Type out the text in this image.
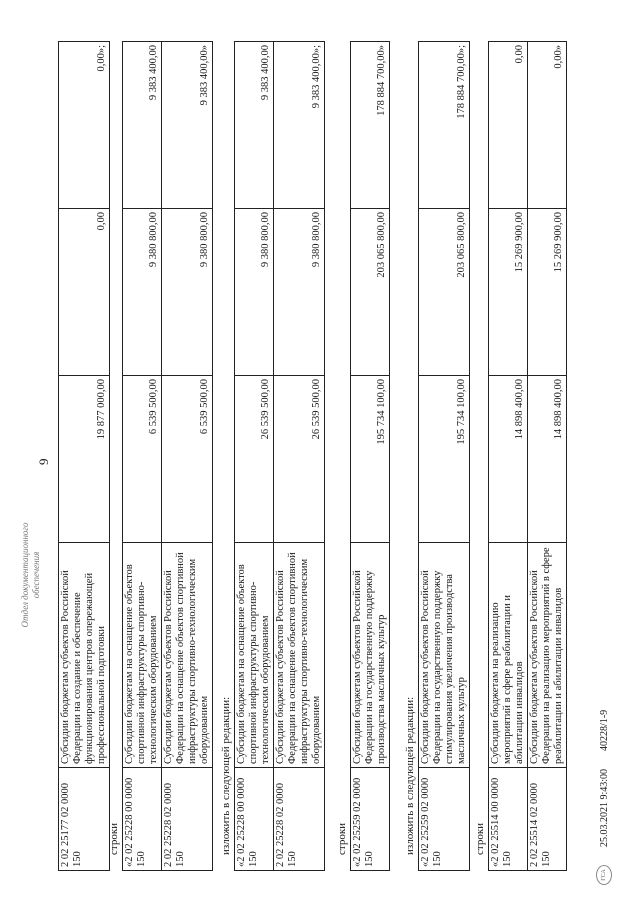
Отдел документационного обеспечения
9
2 02 25177 02 0000 150	Субсидии бюджетам субъектов Российской Федерации на создание и обеспечение функционирования центров опережающей профессиональной подготовки	19 877 000,00	0,00	0,00»;
строки «2 02 25228 00 0000 150	Субсидии бюджетам на оснащение объектов спортивной инфраструктуры спортивно-технологическим оборудованием	6 539 500,00	9 380 800,00	9 383 400,00
2 02 25228 02 0000 150	Субсидии бюджетам субъектов Российской Федерации на оснащение объектов спортивной инфраструктуры спортивно-технологическим оборудованием	6 539 500,00	9 380 800,00	9 383 400,00»
изложить в следующей редакции: «2 02 25228 00 0000 150	Субсидии бюджетам на оснащение объектов спортивной инфраструктуры спортивно-технологическим оборудованием	26 539 500,00	9 380 800,00	9 383 400,00
2 02 25228 02 0000 150	Субсидии бюджетам субъектов Российской Федерации на оснащение объектов спортивной инфраструктуры спортивно-технологическим оборудованием	26 539 500,00	9 380 800,00	9 383 400,00»;
строки «2 02 25259 02 0000 150	Субсидии бюджетам субъектов Российской Федерации на государственную поддержку производства масличных культур	195 734 100,00	203 065 800,00	178 884 700,00»
изложить в следующей редакции: «2 02 25259 02 0000 150	Субсидии бюджетам субъектов Российской Федерации на государственную поддержку стимулирования увеличения производства масличных культур	195 734 100,00	203 065 800,00	178 884 700,00»;
строки «2 02 25514 00 0000 150	Субсидии бюджетам на реализацию мероприятий в сфере реабилитации и абилитации инвалидов	14 898 400,00	15 269 900,00	0,00
2 02 25514 02 0000 150	Субсидии бюджетам субъектов Российской Федерации на реализацию мероприятий в сфере реабилитации и абилитации инвалидов	14 898 400,00	15 269 900,00	0,00»
ГСА
25.03.2021 9:43:00
40228/1-9
